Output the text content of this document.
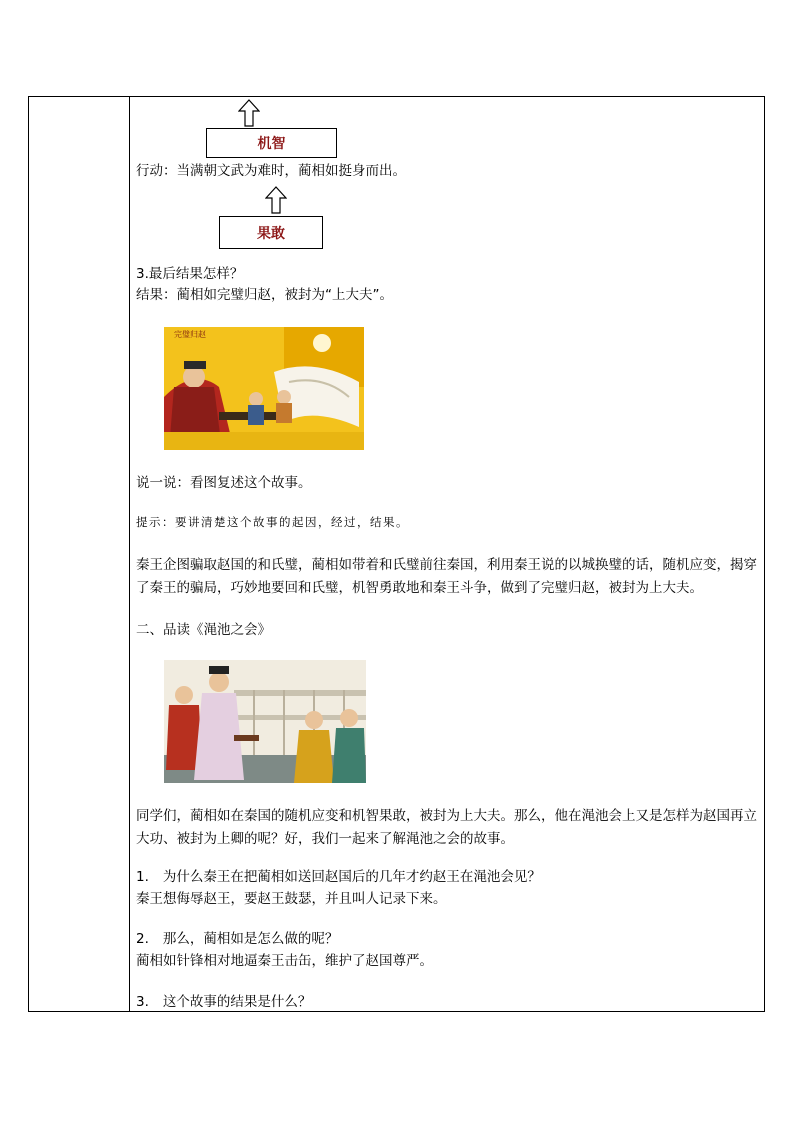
机智
行动：当满朝文武为难时，蔺相如挺身而出。
果敢
3.最后结果怎样？
结果：蔺相如完璧归赵，被封为“上大夫”。
完璧归赵
说一说：看图复述这个故事。
提示：要讲清楚这个故事的起因，经过，结果。
秦王企图骗取赵国的和氏璧，蔺相如带着和氏璧前往秦国，利用秦王说的以城换璧的话，随机应变，揭穿了秦王的骗局，巧妙地要回和氏璧，机智勇敢地和秦王斗争，做到了完璧归赵，被封为上大夫。
二、品读《渑池之会》
同学们，蔺相如在秦国的随机应变和机智果敢，被封为上大夫。那么，他在渑池会上又是怎样为赵国再立大功、被封为上卿的呢？好，我们一起来了解渑池之会的故事。
1. 为什么秦王在把蔺相如送回赵国后的几年才约赵王在渑池会见？
秦王想侮辱赵王，要赵王鼓瑟，并且叫人记录下来。
2. 那么，蔺相如是怎么做的呢？
蔺相如针锋相对地逼秦王击缶，维护了赵国尊严。
3. 这个故事的结果是什么？
